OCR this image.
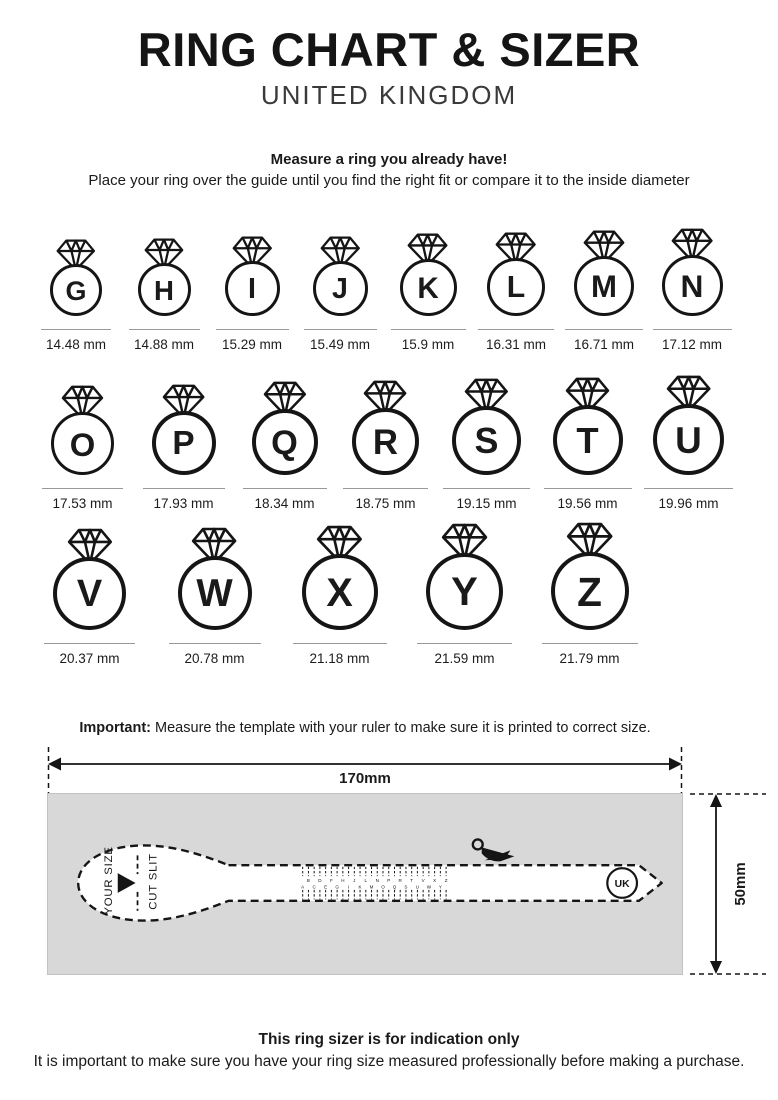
RING CHART & SIZER
UNITED KINGDOM
Measure a ring you already have!
Place your ring over the guide until you find the right fit or compare it to the inside diameter
G
14.48 mm
H
14.88 mm
I
15.29 mm
J
15.49 mm
K
15.9 mm
L
16.31 mm
M
16.71 mm
N
17.12 mm
O
17.53 mm
P
17.93 mm
Q
18.34 mm
R
18.75 mm
S
19.15 mm
T
19.56 mm
U
19.96 mm
V
20.37 mm
W
20.78 mm
X
21.18 mm
Y
21.59 mm
Z
21.79 mm
Important: Measure the template with your ruler to make sure it is printed to correct size.
170mm
A
B
C
D
E
F
G
H
I
J
K
L
M
N
O
P
Q
R
S
T
U
V
W
X
Y
Z
YOUR SIZE	CUT SLIT	UK	50mm
This ring sizer is for indication only
It is important to make sure you have your ring size measured professionally before making a purchase.
